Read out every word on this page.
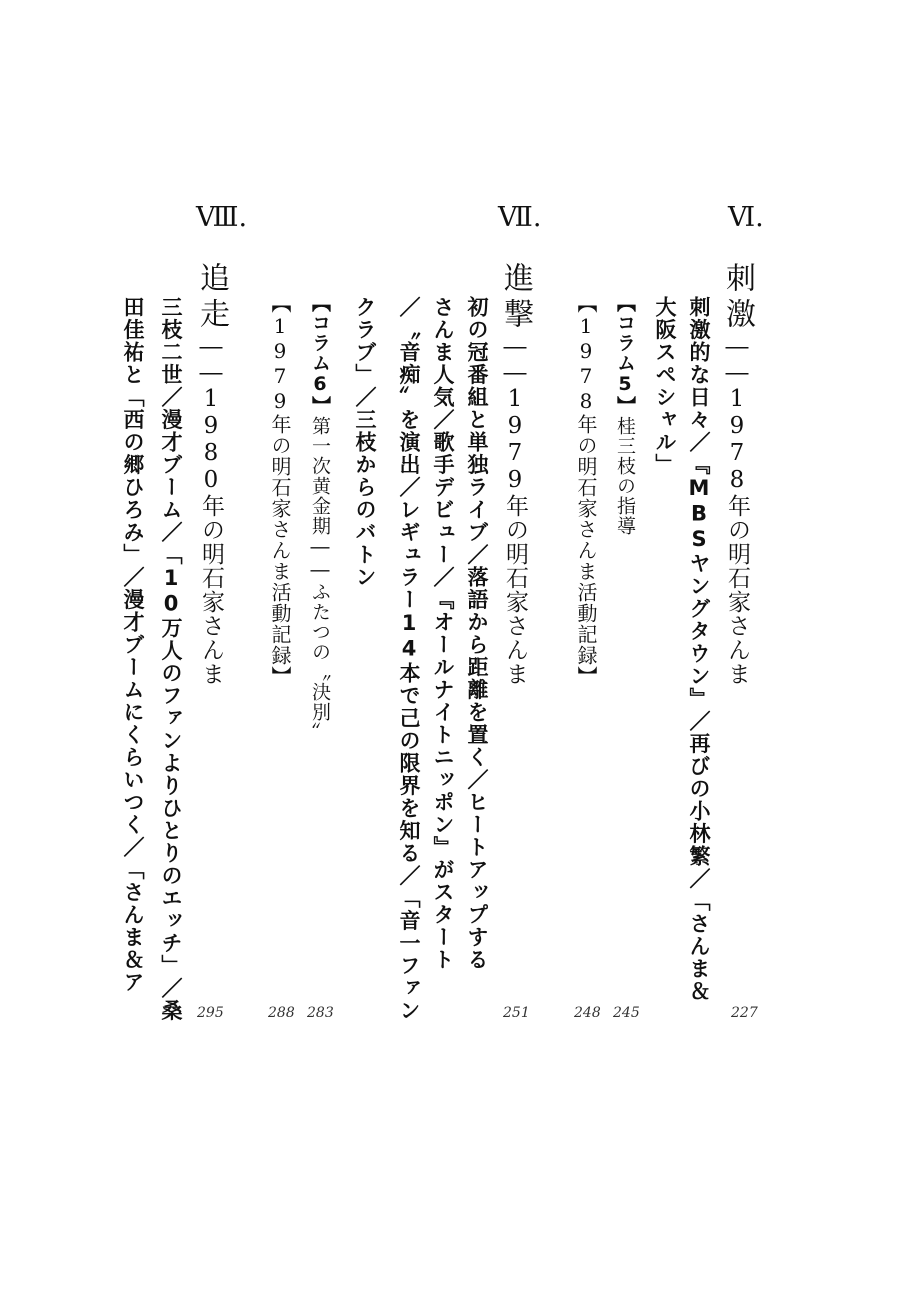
Ⅵ.
刺激――1978年の明石家さんま
刺激的な日々／『MBSヤングタウン』／再びの小林繁／「さんま＆
大阪スペシャル」
【コラム5】桂三枝の指導
【1978年の明石家さんま活動記録】
Ⅶ.
進撃――1979年の明石家さんま
初の冠番組と単独ライブ／落語から距離を置く／ヒートアップする
さんま人気／歌手デビュー／『オールナイトニッポン』がスタート
／〝音痴〟を演出／レギュラー14本で己の限界を知る／「音一ファン
クラブ」／三枝からのバトン
【コラム6】第一次黄金期――ふたつの〝決別〟
【1979年の明石家さんま活動記録】
Ⅷ.
追走――1980年の明石家さんま
三枝二世／漫才ブーム／「10万人のファンよりひとりのエッチ」／桑
田佳祐と「西の郷ひろみ」／漫才ブームにくらいつく／「さんま＆ア
227
245
248
251
283
288
295
